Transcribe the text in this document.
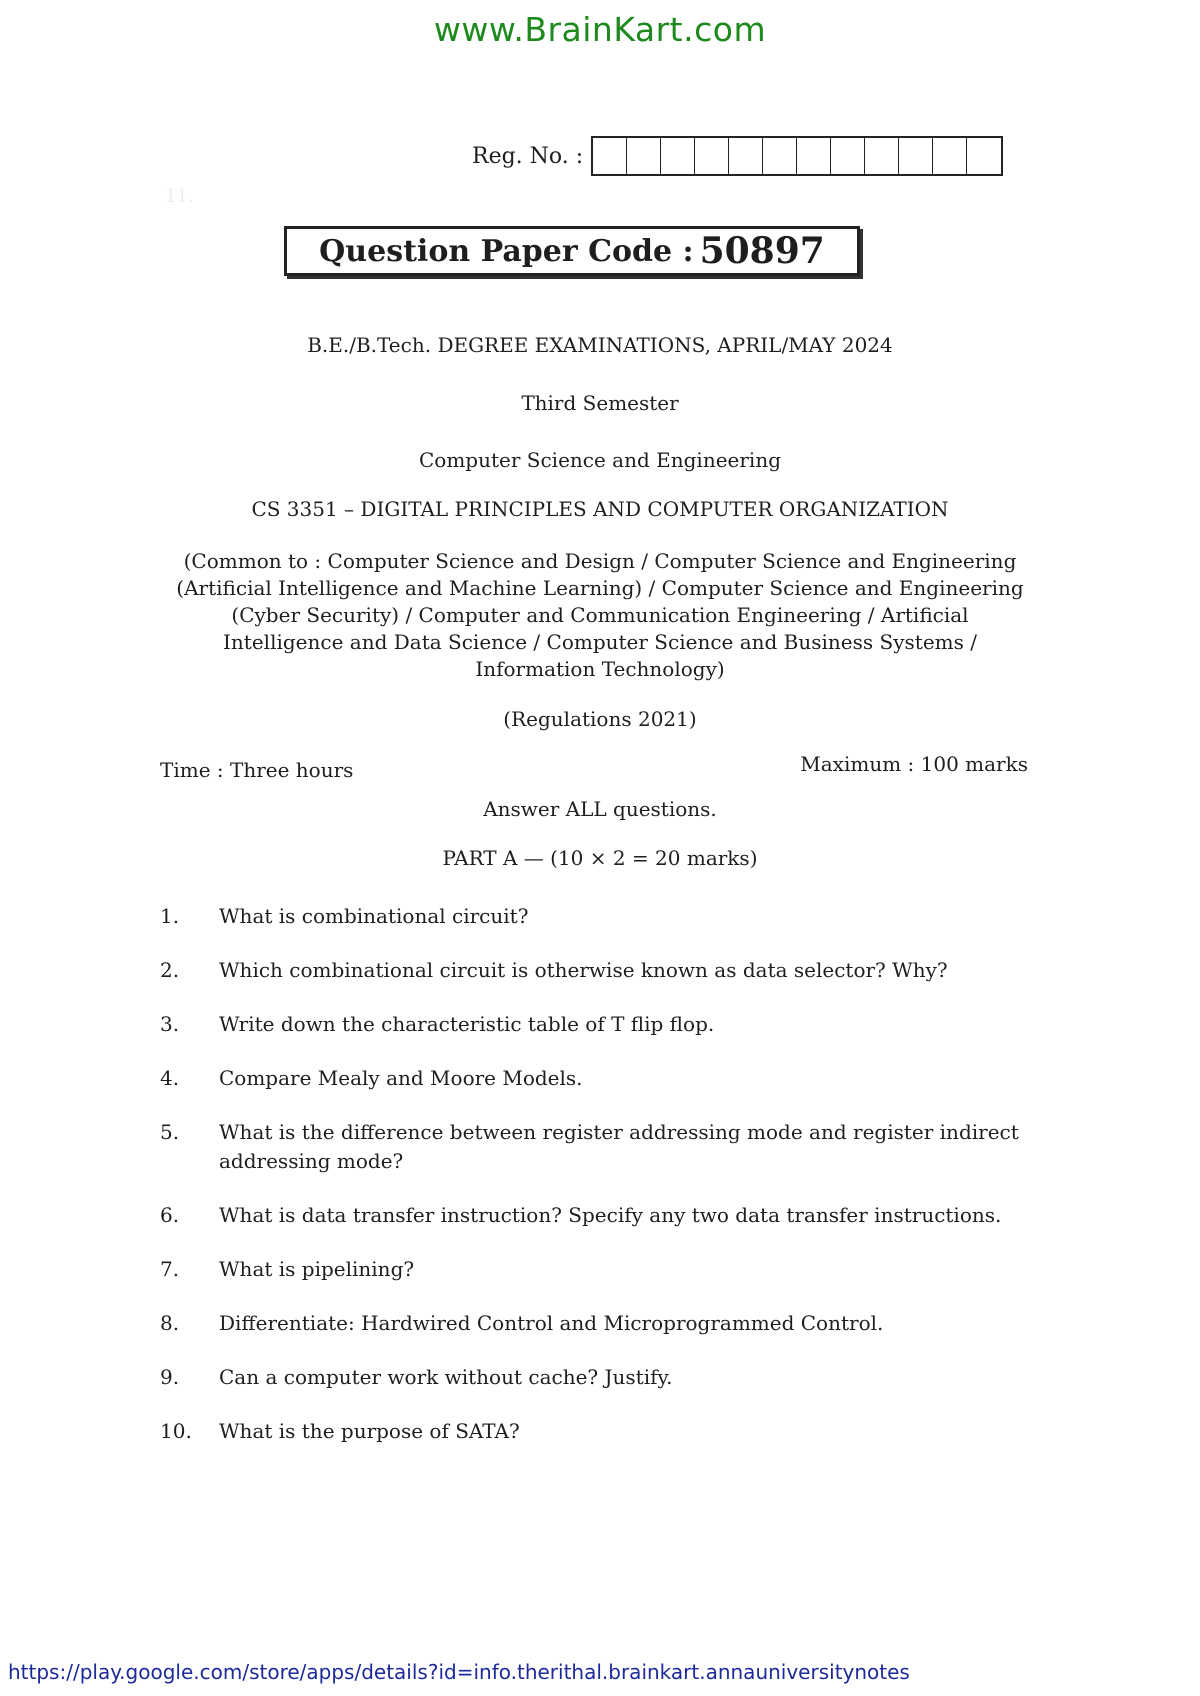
www.BrainKart.com
11.
Reg. No. :
Question Paper Code : 50897
B.E./B.Tech. DEGREE EXAMINATIONS, APRIL/MAY 2024
Third Semester
Computer Science and Engineering
CS 3351 – DIGITAL PRINCIPLES AND COMPUTER ORGANIZATION
(Common to : Computer Science and Design / Computer Science and Engineering
(Artificial Intelligence and Machine Learning) / Computer Science and Engineering
(Cyber Security) / Computer and Communication Engineering / Artificial
Intelligence and Data Science / Computer Science and Business Systems /
Information Technology)
(Regulations 2021)
Time : Three hours	Maximum : 100 marks
Answer ALL questions.
PART A — (10 × 2 = 20 marks)
1.	What is combinational circuit?
2.	Which combinational circuit is otherwise known as data selector? Why?
3.	Write down the characteristic table of T flip flop.
4.	Compare Mealy and Moore Models.
5.	What is the difference between register addressing mode and register indirect addressing mode?
6.	What is data transfer instruction? Specify any two data transfer instructions.
7.	What is pipelining?
8.	Differentiate: Hardwired Control and Microprogrammed Control.
9.	Can a computer work without cache? Justify.
10.	What is the purpose of SATA?
https://play.google.com/store/apps/details?id=info.therithal.brainkart.annauniversitynotes
